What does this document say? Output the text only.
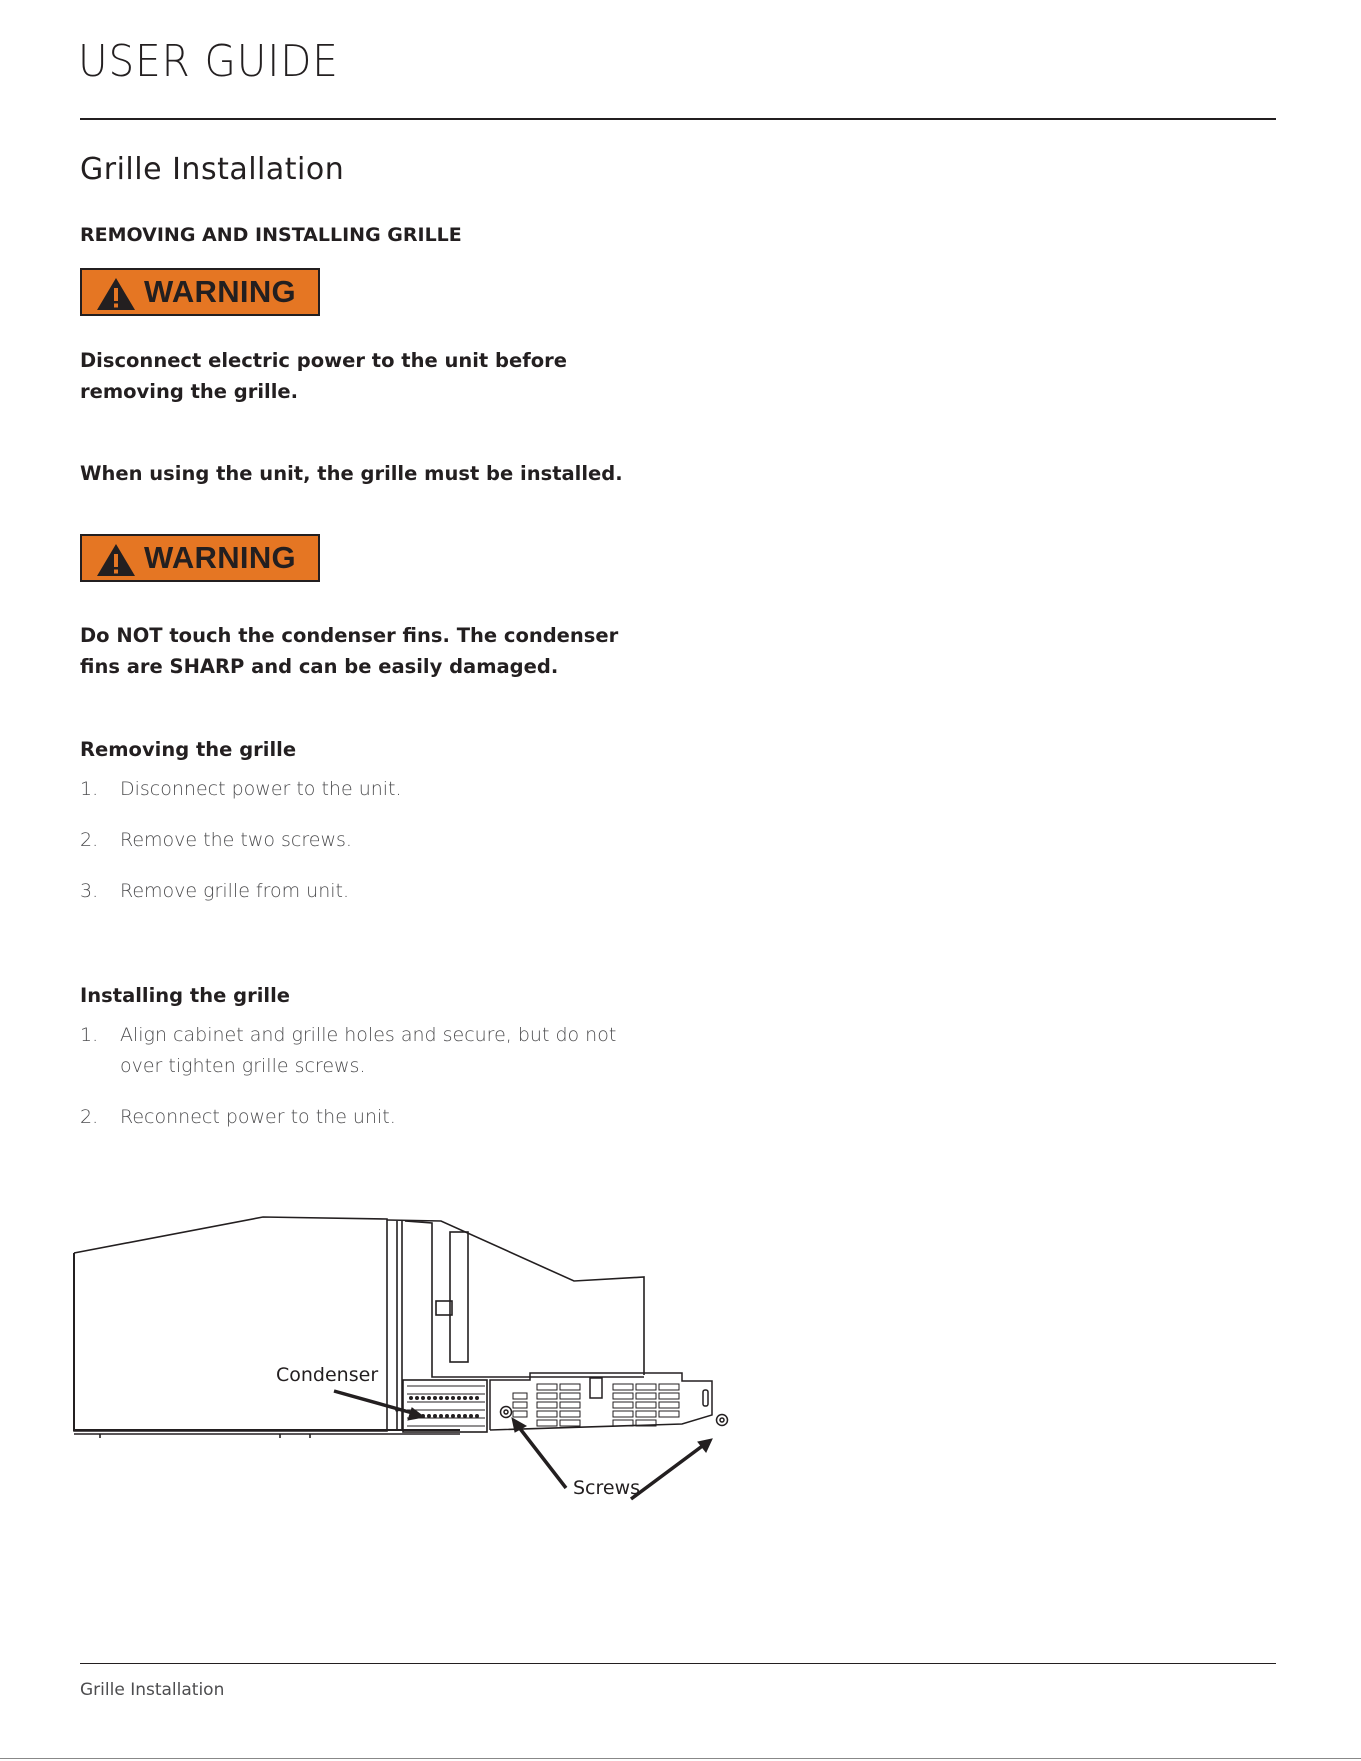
USER GUIDE
Grille Installation
REMOVING AND INSTALLING GRILLE
WARNING
Disconnect electric power to the unit before removing the grille.
When using the unit, the grille must be installed.
WARNING
Do NOT touch the condenser fins. The condenser fins are SHARP and can be easily damaged.
Removing the grille
1. Disconnect power to the unit.
2. Remove the two screws.
3. Remove grille from unit.
Installing the grille
1. Align cabinet and grille holes and secure, but do not over tighten grille screws.
2. Reconnect power to the unit.
Condenser
Screws
Grille Installation
